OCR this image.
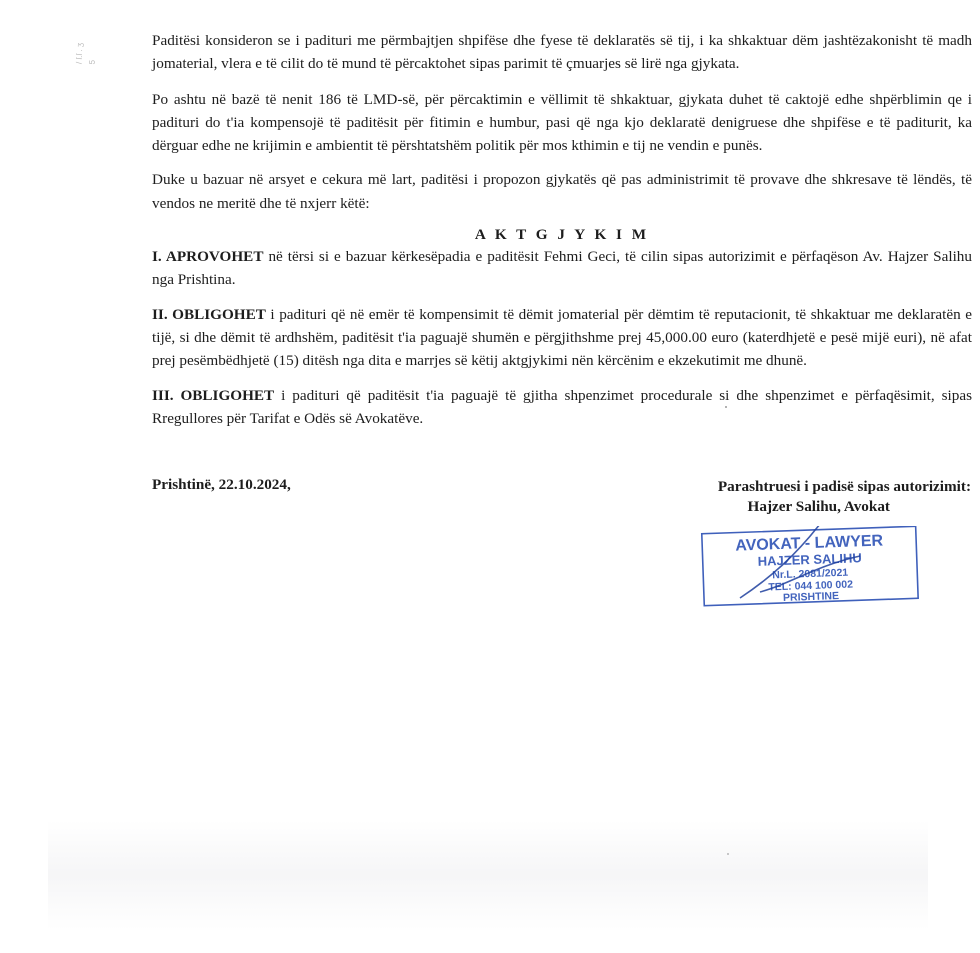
/ ſ.ſ . ʒ 5

Paditësi konsideron se i padituri me përmbajtjen shpifëse dhe fyese të deklaratës së tij, i ka shkaktuar dëm jashtëzakonisht të madh jomaterial, vlera e të cilit do të mund të përcaktohet sipas parimit të çmuarjes së lirë nga gjykata.

Po ashtu në bazë të nenit 186 të LMD-së, për përcaktimin e vëllimit të shkaktuar, gjykata duhet të caktojë edhe shpërblimin qe i padituri do t'ia kompensojë të paditësit për fitimin e humbur, pasi që nga kjo deklaratë denigruese dhe shpifëse e të paditurit, ka dërguar edhe ne krijimin e ambientit të përshtatshëm politik për mos kthimin e tij ne vendin e punës.

Duke u bazuar në arsyet e cekura më lart, paditësi i propozon gjykatës që pas administrimit të provave dhe shkresave të lëndës, të vendos ne meritë dhe të nxjerr këtë:

A K T G J Y K I M

I. APROVOHET në tërsi si e bazuar kërkesëpadia e paditësit Fehmi Geci, të cilin sipas autorizimit e përfaqëson Av. Hajzer Salihu nga Prishtina.

II. OBLIGOHET i padituri që në emër të kompensimit të dëmit jomaterial për dëmtim të reputacionit, të shkaktuar me deklaratën e tijë, si dhe dëmit të ardhshëm, paditësit t'ia paguajë shumën e përgjithshme prej 45,000.00 euro (katerdhjetë e pesë mijë euri), në afat prej pesëmbëdhjetë (15) ditësh nga dita e marrjes së këtij aktgjykimi nën kërcënim e ekzekutimit me dhunë.

III. OBLIGOHET i padituri që paditësit t'ia paguajë të gjitha shpenzimet procedurale si dhe shpenzimet e përfaqësimit, sipas Rregullores për Tarifat e Odës së Avokatëve.

Prishtinë, 22.10.2024,	Parashtruesi i padisë sipas autorizimit:
Hajzer Salihu, Avokat
AVOKAT - LAWYER
HAJZER SALIHU
Nr.L. 2081/2021
TEL: 044 100 002
PRISHTINE
